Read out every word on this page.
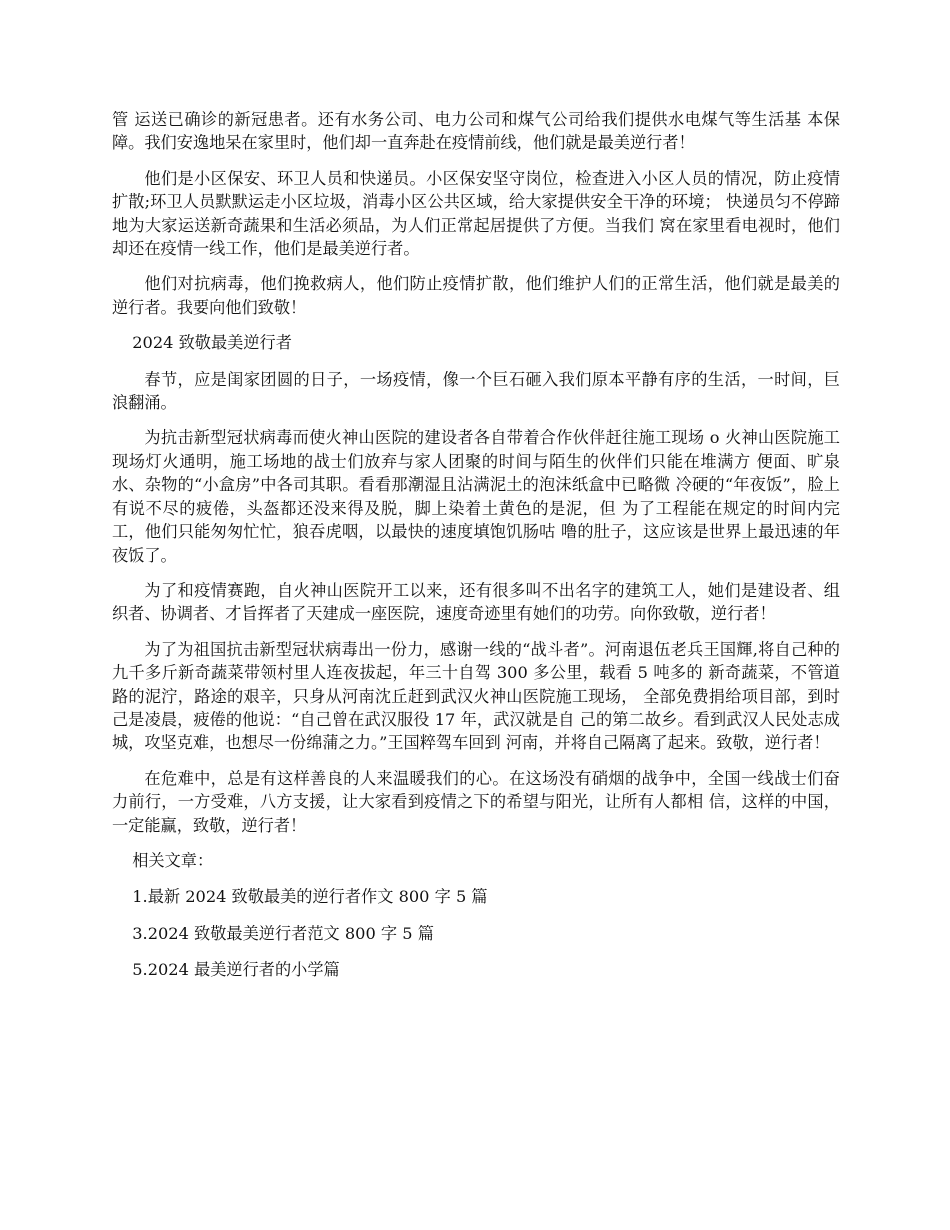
管 运送已确诊的新冠患者。还有水务公司、电力公司和煤气公司给我们提供水电煤气等生活基 本保障。我们安逸地呆在家里时，他们却一直奔赴在疫情前线，他们就是最美逆行者！

他们是小区保安、环卫人员和快递员。小区保安坚守岗位，检查进入小区人员的情况，防止疫情扩散;环卫人员默默运走小区垃圾，消毒小区公共区域，给大家提供安全干净的环境； 快递员匀不停蹄地为大家运送新奇蔬果和生活必须品，为人们正常起居提供了方便。当我们 窝在家里看电视时，他们却还在疫情一线工作，他们是最美逆行者。

他们对抗病毒，他们挽救病人，他们防止疫情扩散，他们维护人们的正常生活，他们就是最美的逆行者。我要向他们致敬！

2024 致敬最美逆行者

春节，应是闺家团圆的日子，一场疫情，像一个巨石砸入我们原本平静有序的生活，一时间，巨浪翻涌。

为抗击新型冠状病毒而使火神山医院的建设者各自带着合作伙伴赶往施工现场 o 火神山医院施工现场灯火通明，施工场地的战士们放弃与家人团聚的时间与陌生的伙伴们只能在堆满方 便面、旷泉水、杂物的“小盒房”中各司其职。看看那潮湿且沾满泥土的泡沫纸盒中已略微 冷硬的“年夜饭”，脸上有说不尽的疲倦，头盔都还没来得及脱，脚上染着土黄色的是泥，但 为了工程能在规定的时间内完工，他们只能匆匆忙忙，狼吞虎咽，以最快的速度填饱饥肠咕 噜的肚子，这应该是世界上最迅速的年夜饭了。

为了和疫情赛跑，自火神山医院开工以来，还有很多叫不出名字的建筑工人，她们是建设者、组织者、协调者、才旨挥者了天建成一座医院，速度奇迹里有她们的功劳。向你致敬，逆行者！

为了为祖国抗击新型冠状病毒出一份力，感谢一线的“战斗者”。河南退伍老兵王国輝,将自己种的九千多斤新奇蔬菜带领村里人连夜拔起，年三十自驾 300 多公里，载看 5 吨多的 新奇蔬菜，不管道路的泥泞，路途的艰辛，只身从河南沈丘赶到武汉火神山医院施工现场， 全部免费捐给项目部，到时己是凌晨，疲倦的他说：“自己曾在武汉服役 17 年，武汉就是自 己的第二故乡。看到武汉人民处志成城，攻坚克难，也想尽一份绵蒲之力。”王国粹驾车回到 河南，并将自己隔离了起来。致敬，逆行者！

在危难中，总是有这样善良的人来温暖我们的心。在这场没有硝烟的战争中，全国一线战士们奋力前行，一方受难，八方支援，让大家看到疫情之下的希望与阳光，让所有人都相 信，这样的中国，一定能赢，致敬，逆行者！

相关文章：

1.最新 2024 致敬最美的逆行者作文 800 字 5 篇
3.2024 致敬最美逆行者范文 800 字 5 篇
5.2024 最美逆行者的小学篇
